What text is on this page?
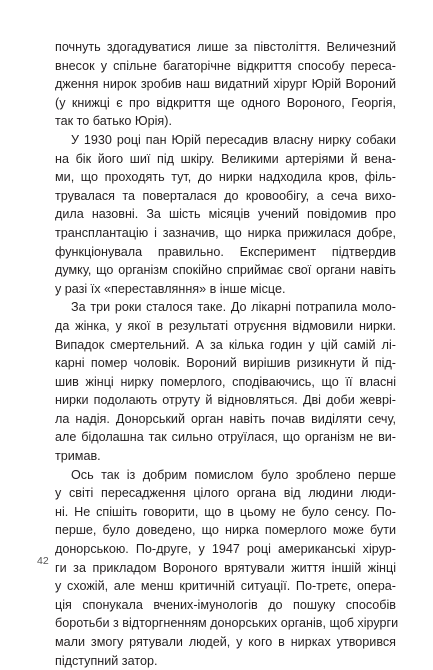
почнуть здогадуватися лише за півстоліття. Величезний
внесок у спільне багаторічне відкриття способу переса-
дження нирок зробив наш видатний хірург Юрій Вороний
(у книжці є про відкриття ще одного Вороного, Георгія,
так то батько Юрія).
У 1930 році пан Юрій пересадив власну нирку собаки
на бік його шиї під шкіру. Великими артеріями й вена-
ми, що проходять тут, до нирки надходила кров, філь-
трувалася та поверталася до кровообігу, а сеча вихо-
дила назовні. За шість місяців учений повідомив про
трансплантацію і зазначив, що нирка прижилася добре,
функціонувала правильно. Експеримент підтвердив
думку, що організм спокійно сприймає свої органи навіть
у разі їх «переставляння» в інше місце.
За три роки сталося таке. До лікарні потрапила моло-
да жінка, у якої в результаті отруєння відмовили нирки.
Випадок смертельний. А за кілька годин у цій самій лі-
карні помер чоловік. Вороний вирішив ризикнути й під-
шив жінці нирку померлого, сподіваючись, що її власні
нирки подолають отруту й відновляться. Дві доби жеврі-
ла надія. Донорський орган навіть почав виділяти сечу,
але бідолашна так сильно отруїлася, що організм не ви-
тримав.
Ось так із добрим помислом було зроблено перше
у світі пересадження цілого органа від людини люди-
ні. Не спішіть говорити, що в цьому не було сенсу. По-
перше, було доведено, що нирка померлого може бути
донорською. По-друге, у 1947 році американські хірур-
ги за прикладом Вороного врятували життя іншій жінці
у схожій, але менш критичній ситуації. По-третє, опера-
ція спонукала вчених-імунологів до пошуку способів
боротьби з відторгненням донорських органів, щоб хірурги
мали змогу рятували людей, у кого в нирках утворився
підступний затор.
42
